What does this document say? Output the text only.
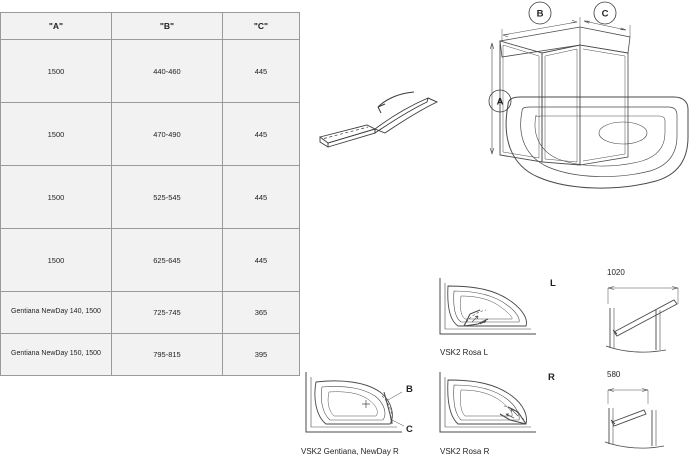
"A"	"B"	"C"
1500	440-460	445
1500	470-490	445
1500	525-545	445
1500	625-645	445
Gentiana NewDay 140, 1500	725-745	365
Gentiana NewDay 150, 1500	795-815	395
A
B	C
VSK2 Rosa L
L
1020
B
C
VSK2 Gentiana, NewDay R	VSK2 Rosa R
R	580
